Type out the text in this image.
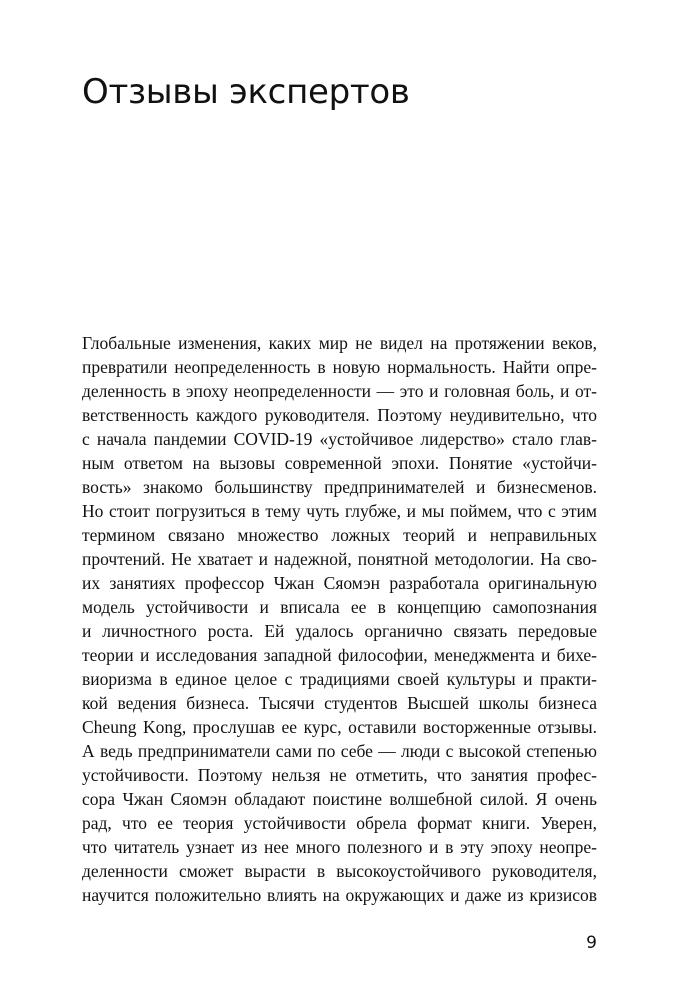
Отзывы экспертов
Глобальные изменения, каких мир не видел на протяжении веков,
превратили неопределенность в новую нормальность. Найти опре-
деленность в эпоху неопределенности — это и головная боль, и от-
ветственность каждого руководителя. Поэтому неудивительно, что
с начала пандемии COVID-19 «устойчивое лидерство» стало глав-
ным ответом на вызовы современной эпохи. Понятие «устойчи-
вость» знакомо большинству предпринимателей и бизнесменов.
Но стоит погрузиться в тему чуть глубже, и мы поймем, что с этим
термином связано множество ложных теорий и неправильных
прочтений. Не хватает и надежной, понятной методологии. На сво-
их занятиях профессор Чжан Сяомэн разработала оригинальную
модель устойчивости и вписала ее в концепцию самопознания
и личностного роста. Ей удалось органично связать передовые
теории и исследования западной философии, менеджмента и бихе-
виоризма в единое целое с традициями своей культуры и практи-
кой ведения бизнеса. Тысячи студентов Высшей школы бизнеса
Cheung Kong, прослушав ее курс, оставили восторженные отзывы.
А ведь предприниматели сами по себе — люди с высокой степенью
устойчивости. Поэтому нельзя не отметить, что занятия профес-
сора Чжан Сяомэн обладают поистине волшебной силой. Я очень
рад, что ее теория устойчивости обрела формат книги. Уверен,
что читатель узнает из нее много полезного и в эту эпоху неопре-
деленности сможет вырасти в высокоустойчивого руководителя,
научится положительно влиять на окружающих и даже из кризисов
9
